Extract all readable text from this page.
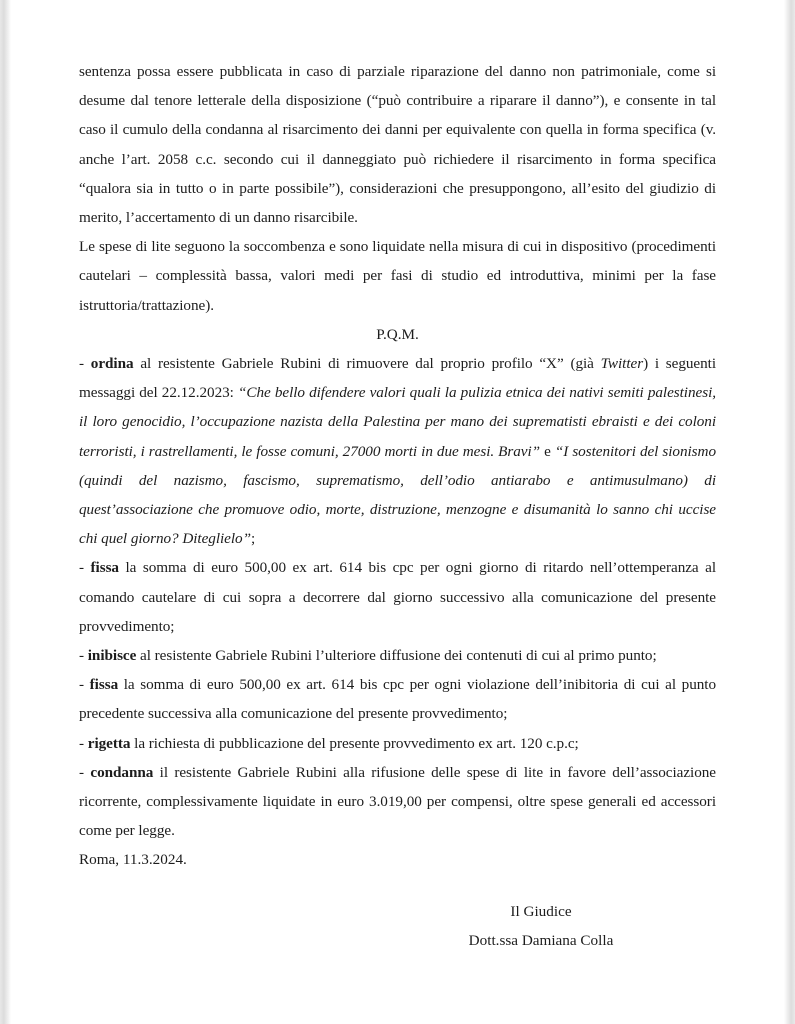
sentenza possa essere pubblicata in caso di parziale riparazione del danno non patrimoniale, come si desume dal tenore letterale della disposizione (“può contribuire a riparare il danno”), e consente in tal caso il cumulo della condanna al risarcimento dei danni per equivalente con quella in forma specifica (v. anche l’art. 2058 c.c. secondo cui il danneggiato può richiedere il risarcimento in forma specifica “qualora sia in tutto o in parte possibile”), considerazioni che presuppongono, all’esito del giudizio di merito, l’accertamento di un danno risarcibile.

Le spese di lite seguono la soccombenza e sono liquidate nella misura di cui in dispositivo (procedimenti cautelari – complessità bassa, valori medi per fasi di studio ed introduttiva, minimi per la fase istruttoria/trattazione).

P.Q.M.

- ordina al resistente Gabriele Rubini di rimuovere dal proprio profilo “X” (già Twitter) i seguenti messaggi del 22.12.2023: “Che bello difendere valori quali la pulizia etnica dei nativi semiti palestinesi, il loro genocidio, l’occupazione nazista della Palestina per mano dei suprematisti ebraisti e dei coloni terroristi, i rastrellamenti, le fosse comuni, 27000 morti in due mesi. Bravi” e “I sostenitori del sionismo (quindi del nazismo, fascismo, suprematismo, dell’odio antiarabo e antimusulmano) di quest’associazione che promuove odio, morte, distruzione, menzogne e disumanità lo sanno chi uccise chi quel giorno? Diteglielo”;

- fissa la somma di euro 500,00 ex art. 614 bis cpc per ogni giorno di ritardo nell’ottemperanza al comando cautelare di cui sopra a decorrere dal giorno successivo alla comunicazione del presente provvedimento;

- inibisce al resistente Gabriele Rubini l’ulteriore diffusione dei contenuti di cui al primo punto;

- fissa la somma di euro 500,00 ex art. 614 bis cpc per ogni violazione dell’inibitoria di cui al punto precedente successiva alla comunicazione del presente provvedimento;

- rigetta la richiesta di pubblicazione del presente provvedimento ex art. 120 c.p.c;

- condanna il resistente Gabriele Rubini alla rifusione delle spese di lite in favore dell’associazione ricorrente, complessivamente liquidate in euro 3.019,00 per compensi, oltre spese generali ed accessori come per legge.

Roma, 11.3.2024.

Il Giudice
Dott.ssa Damiana Colla
